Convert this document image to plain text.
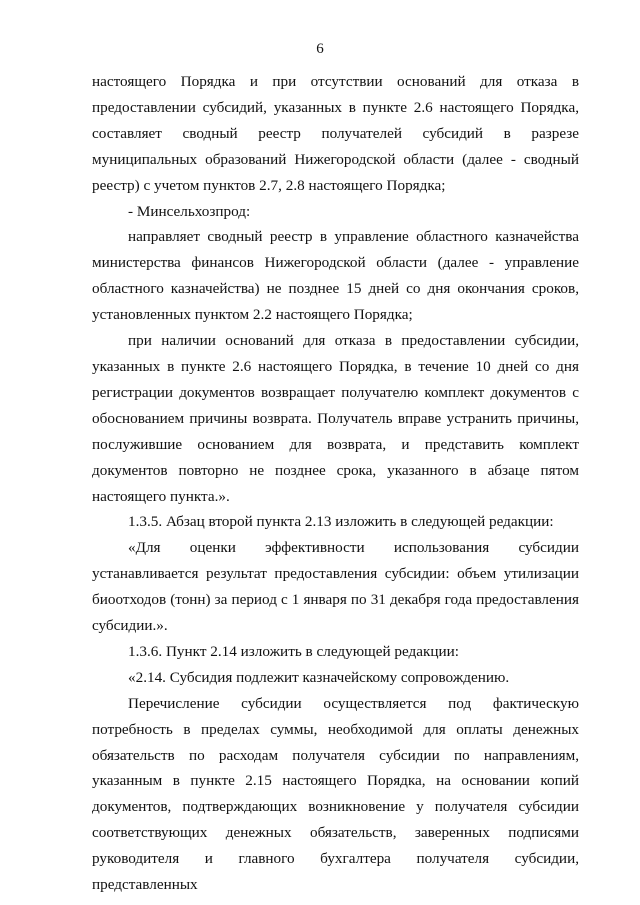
6

настоящего Порядка и при отсутствии оснований для отказа в предоставлении субсидий, указанных в пункте 2.6 настоящего Порядка, составляет сводный реестр получателей субсидий в разрезе муниципальных образований Нижегородской области (далее - сводный реестр) с учетом пунктов 2.7, 2.8 настоящего Порядка;

- Минсельхозпрод:

направляет сводный реестр в управление областного казначейства министерства финансов Нижегородской области (далее - управление областного казначейства) не позднее 15 дней со дня окончания сроков, установленных пунктом 2.2 настоящего Порядка;

при наличии оснований для отказа в предоставлении субсидии, указанных в пункте 2.6 настоящего Порядка, в течение 10 дней со дня регистрации документов возвращает получателю комплект документов с обоснованием причины возврата. Получатель вправе устранить причины, послужившие основанием для возврата, и представить комплект документов повторно не позднее срока, указанного в абзаце пятом настоящего пункта.».

1.3.5. Абзац второй пункта 2.13 изложить в следующей редакции:

«Для оценки эффективности использования субсидии устанавливается результат предоставления субсидии: объем утилизации биоотходов (тонн) за период с 1 января по 31 декабря года предоставления субсидии.».

1.3.6. Пункт 2.14 изложить в следующей редакции:

«2.14. Субсидия подлежит казначейскому сопровождению.

Перечисление субсидии осуществляется под фактическую потребность в пределах суммы, необходимой для оплаты денежных обязательств по расходам получателя субсидии по направлениям, указанным в пункте 2.15 настоящего Порядка, на основании копий документов, подтверждающих возникновение у получателя субсидии соответствующих денежных обязательств, заверенных подписями руководителя и главного бухгалтера получателя субсидии, представленных
